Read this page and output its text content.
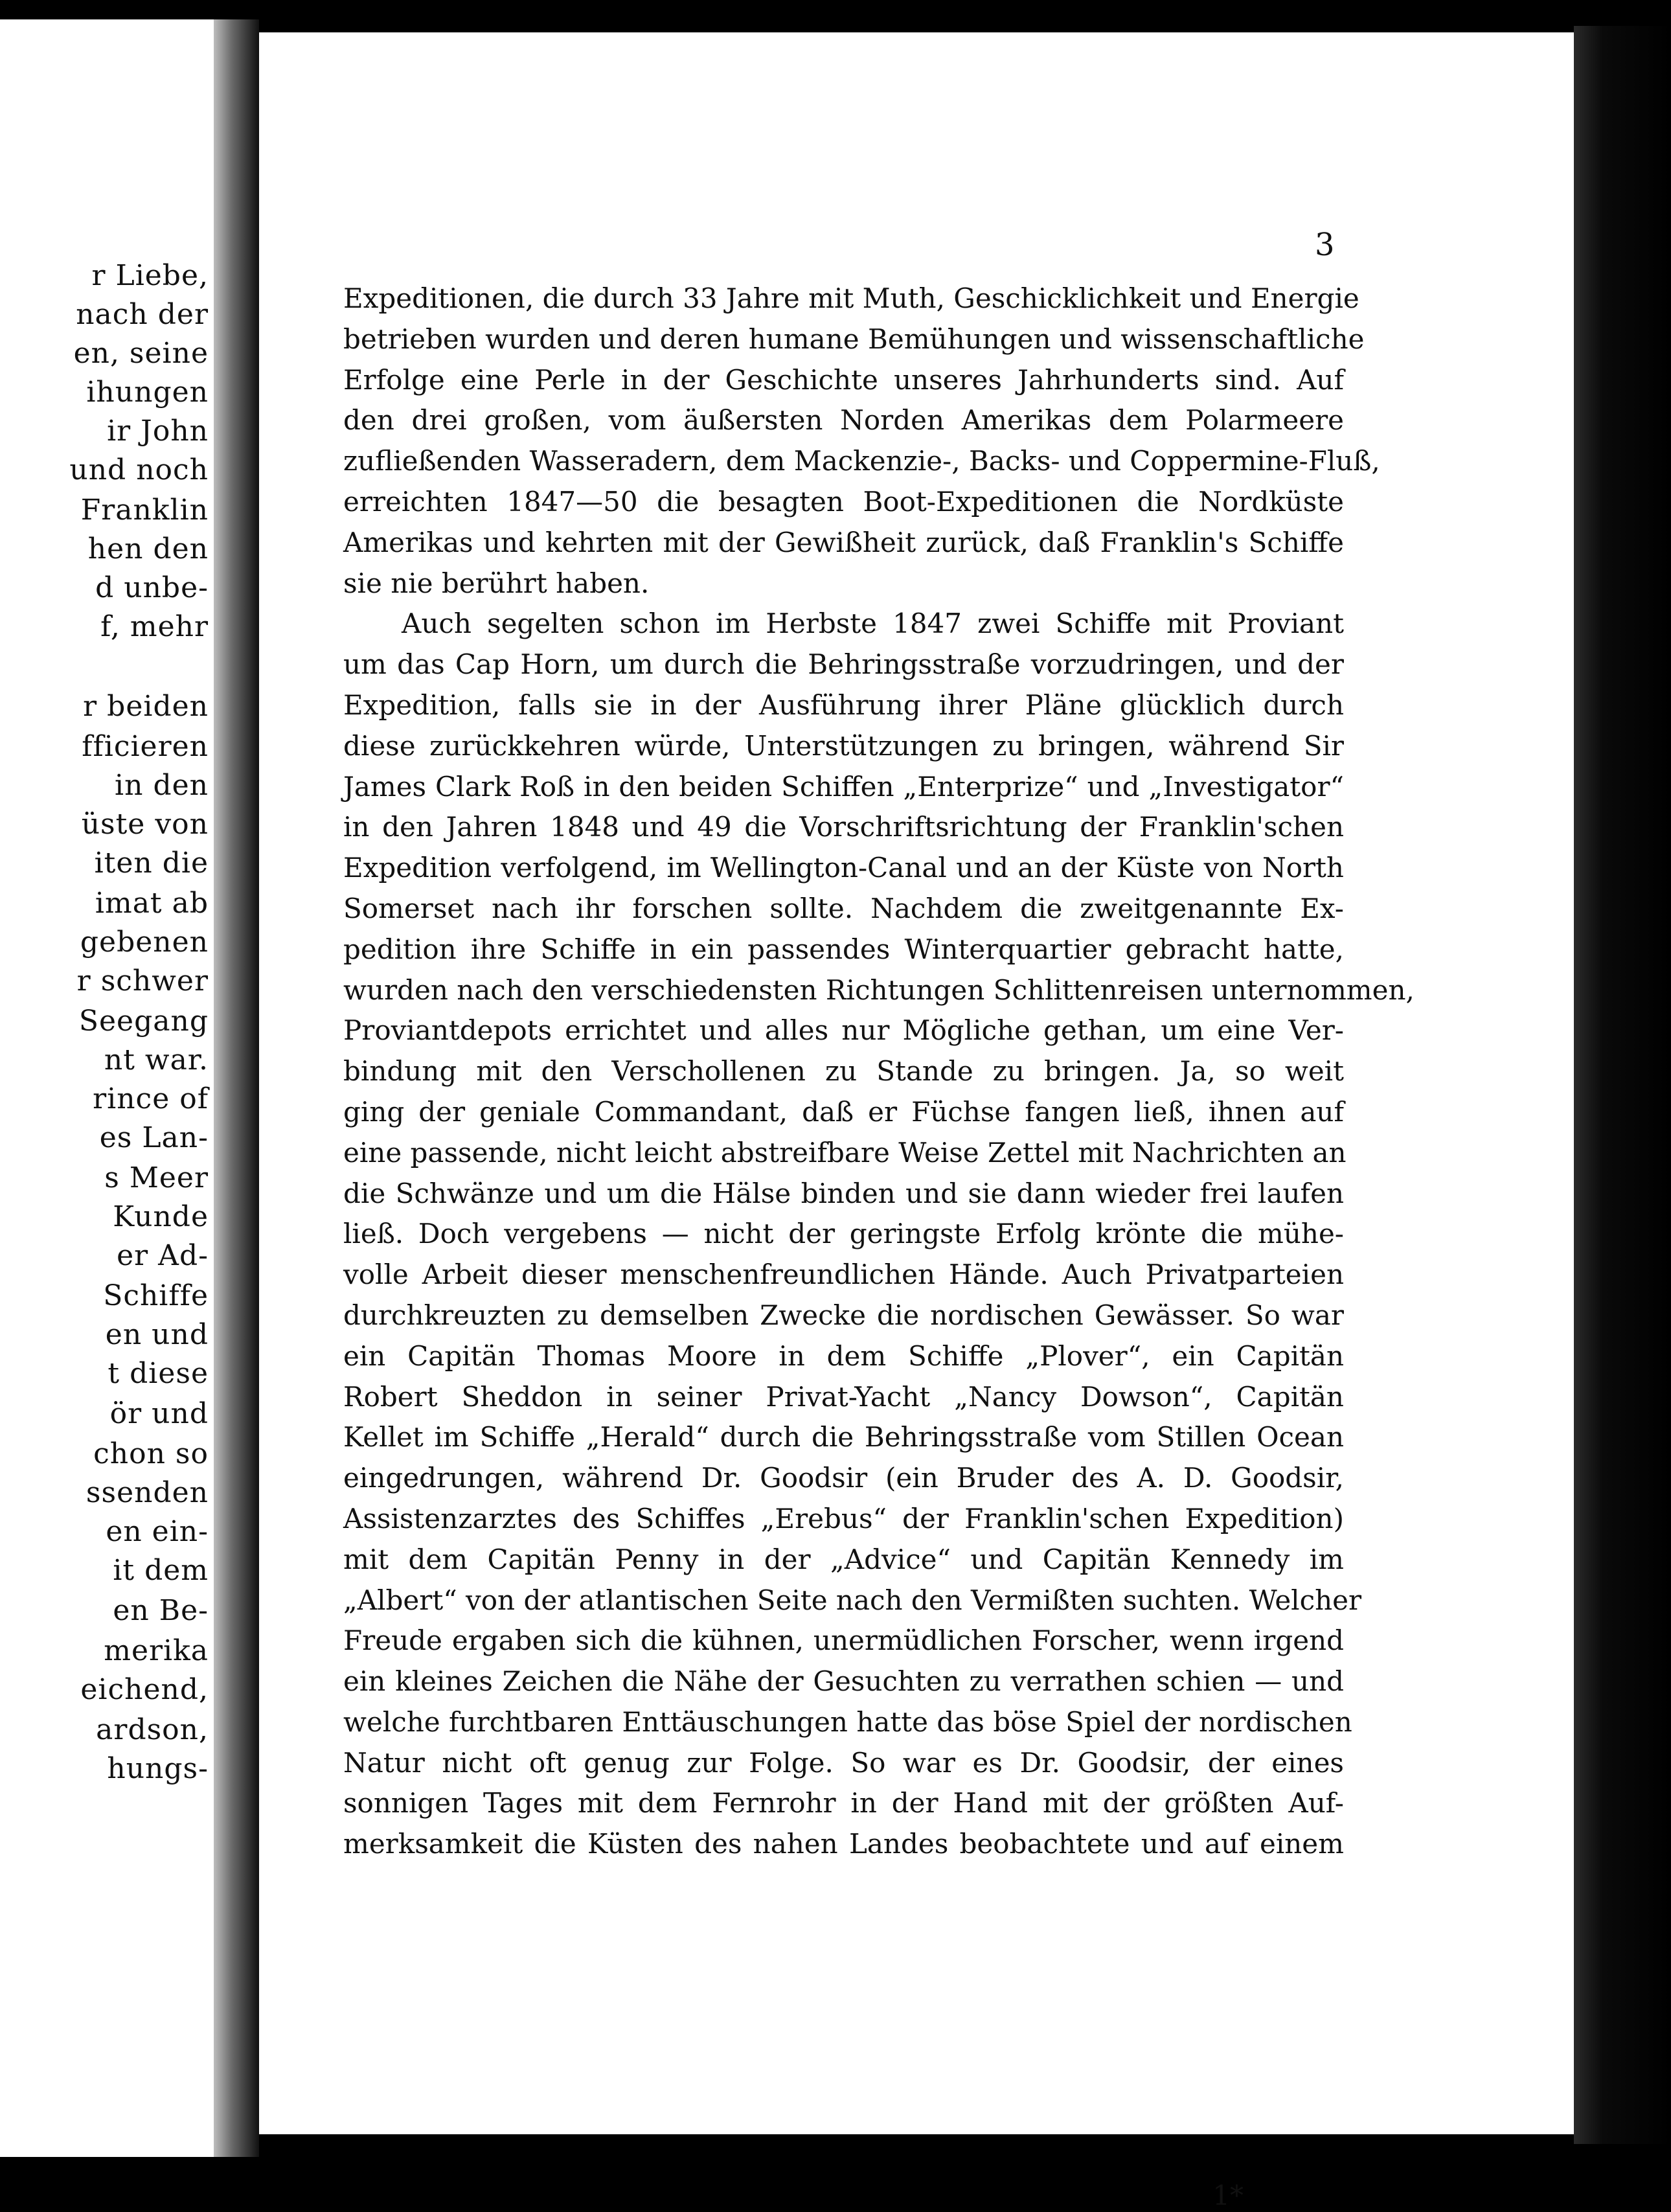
r Liebe,
nach der
en, seine
ihungen
ir John
und noch
Franklin
hen den
d unbe-
f, mehr
r beiden
fficieren
in den
üste von
iten die
imat ab
gebenen
r schwer
Seegang
nt war.
rince of
es Lan-
s Meer
Kunde
er Ad-
Schiffe
en und
t diese
ör und
chon so
ssenden
en ein-
it dem
en Be-
merika
eichend,
ardson,
hungs-
3
Expeditionen, die durch 33 Jahre mit Muth, Geschicklichkeit und Energie
betrieben wurden und deren humane Bemühungen und wissenschaftliche
Erfolge eine Perle in der Geschichte unseres Jahrhunderts sind. Auf
den drei großen, vom äußersten Norden Amerikas dem Polarmeere
zufließenden Wasseradern, dem Mackenzie-, Backs- und Coppermine-Fluß,
erreichten 1847—50 die besagten Boot-Expeditionen die Nordküste
Amerikas und kehrten mit der Gewißheit zurück, daß Franklin's Schiffe
sie nie berührt haben.
Auch segelten schon im Herbste 1847 zwei Schiffe mit Proviant
um das Cap Horn, um durch die Behringsstraße vorzudringen, und der
Expedition, falls sie in der Ausführung ihrer Pläne glücklich durch
diese zurückkehren würde, Unterstützungen zu bringen, während Sir
James Clark Roß in den beiden Schiffen „Enterprize“ und „Investigator“
in den Jahren 1848 und 49 die Vorschriftsrichtung der Franklin'schen
Expedition verfolgend, im Wellington-Canal und an der Küste von North
Somerset nach ihr forschen sollte. Nachdem die zweitgenannte Ex-
pedition ihre Schiffe in ein passendes Winterquartier gebracht hatte,
wurden nach den verschiedensten Richtungen Schlittenreisen unternommen,
Proviantdepots errichtet und alles nur Mögliche gethan, um eine Ver-
bindung mit den Verschollenen zu Stande zu bringen. Ja, so weit
ging der geniale Commandant, daß er Füchse fangen ließ, ihnen auf
eine passende, nicht leicht abstreifbare Weise Zettel mit Nachrichten an
die Schwänze und um die Hälse binden und sie dann wieder frei laufen
ließ. Doch vergebens — nicht der geringste Erfolg krönte die mühe-
volle Arbeit dieser menschenfreundlichen Hände. Auch Privatparteien
durchkreuzten zu demselben Zwecke die nordischen Gewässer. So war
ein Capitän Thomas Moore in dem Schiffe „Plover“, ein Capitän
Robert Sheddon in seiner Privat-Yacht „Nancy Dowson“, Capitän
Kellet im Schiffe „Herald“ durch die Behringsstraße vom Stillen Ocean
eingedrungen, während Dr. Goodsir (ein Bruder des A. D. Goodsir,
Assistenzarztes des Schiffes „Erebus“ der Franklin'schen Expedition)
mit dem Capitän Penny in der „Advice“ und Capitän Kennedy im
„Albert“ von der atlantischen Seite nach den Vermißten suchten. Welcher
Freude ergaben sich die kühnen, unermüdlichen Forscher, wenn irgend
ein kleines Zeichen die Nähe der Gesuchten zu verrathen schien — und
welche furchtbaren Enttäuschungen hatte das böse Spiel der nordischen
Natur nicht oft genug zur Folge. So war es Dr. Goodsir, der eines
sonnigen Tages mit dem Fernrohr in der Hand mit der größten Auf-
merksamkeit die Küsten des nahen Landes beobachtete und auf einem
1*
